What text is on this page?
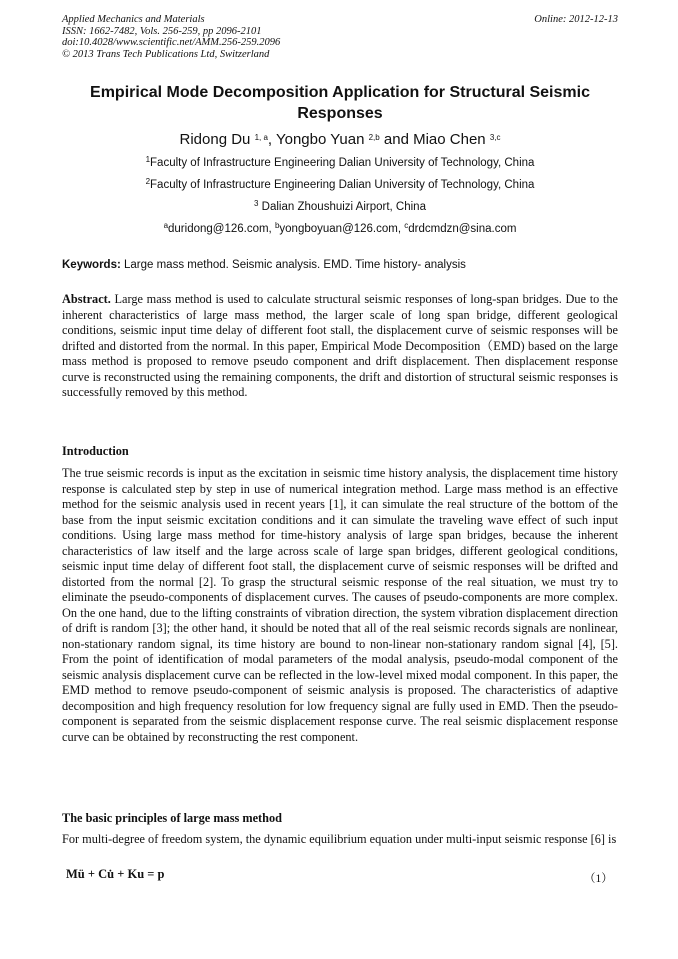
Applied Mechanics and Materials
ISSN: 1662-7482, Vols. 256-259, pp 2096-2101
doi:10.4028/www.scientific.net/AMM.256-259.2096
© 2013 Trans Tech Publications Ltd, Switzerland
Online: 2012-12-13
Empirical Mode Decomposition Application for Structural Seismic Responses
Ridong Du $^{1, a}$, Yongbo Yuan $^{2,b}$ and Miao Chen $^{3,c}$
$^1$Faculty of Infrastructure Engineering Dalian University of Technology, China
$^2$Faculty of Infrastructure Engineering Dalian University of Technology, China
$^3$ Dalian Zhoushuizi Airport, China
$^a$duridong@126.com, $^b$yongboyuan@126.com, $^c$drdcmdzn@sina.com
Keywords: Large mass method. Seismic analysis. EMD. Time history- analysis
Abstract. Large mass method is used to calculate structural seismic responses of long-span bridges. Due to the inherent characteristics of large mass method, the larger scale of long span bridge, different geological conditions, seismic input time delay of different foot stall, the displacement curve of seismic responses will be drifted and distorted from the normal. In this paper, Empirical Mode Decomposition（EMD) based on the large mass method is proposed to remove pseudo component and drift displacement. Then displacement response curve is reconstructed using the remaining components, the drift and distortion of structural seismic responses is successfully removed by this method.
Introduction
The true seismic records is input as the excitation in seismic time history analysis, the displacement time history response is calculated step by step in use of numerical integration method. Large mass method is an effective method for the seismic analysis used in recent years [1], it can simulate the real structure of the bottom of the base from the input seismic excitation conditions and it can simulate the traveling wave effect of such input conditions. Using large mass method for time-history analysis of large span bridges, because the inherent characteristics of law itself and the large across scale of large span bridges, different geological conditions, seismic input time delay of different foot stall, the displacement curve of seismic responses will be drifted and distorted from the normal [2]. To grasp the structural seismic response of the real situation, we must try to eliminate the pseudo-components of displacement curves. The causes of pseudo-components are more complex. On the one hand, due to the lifting constraints of vibration direction, the system vibration displacement direction of drift is random [3]; the other hand, it should be noted that all of the real seismic records signals are nonlinear, non-stationary random signal, its time history are bound to non-linear non-stationary random signal [4], [5]. From the point of identification of modal parameters of the modal analysis, pseudo-modal component of the seismic analysis displacement curve can be reflected in the low-level mixed modal component. In this paper, the EMD method to remove pseudo-component of seismic analysis is proposed. The characteristics of adaptive decomposition and high frequency resolution for low frequency signal are fully used in EMD. Then the pseudo-component is separated from the seismic displacement response curve. The real seismic displacement response curve can be obtained by reconstructing the rest component.
The basic principles of large mass method
For multi-degree of freedom system, the dynamic equilibrium equation under multi-input seismic response [6] is
Mü + Cu̇ + Ku = p	（1）
